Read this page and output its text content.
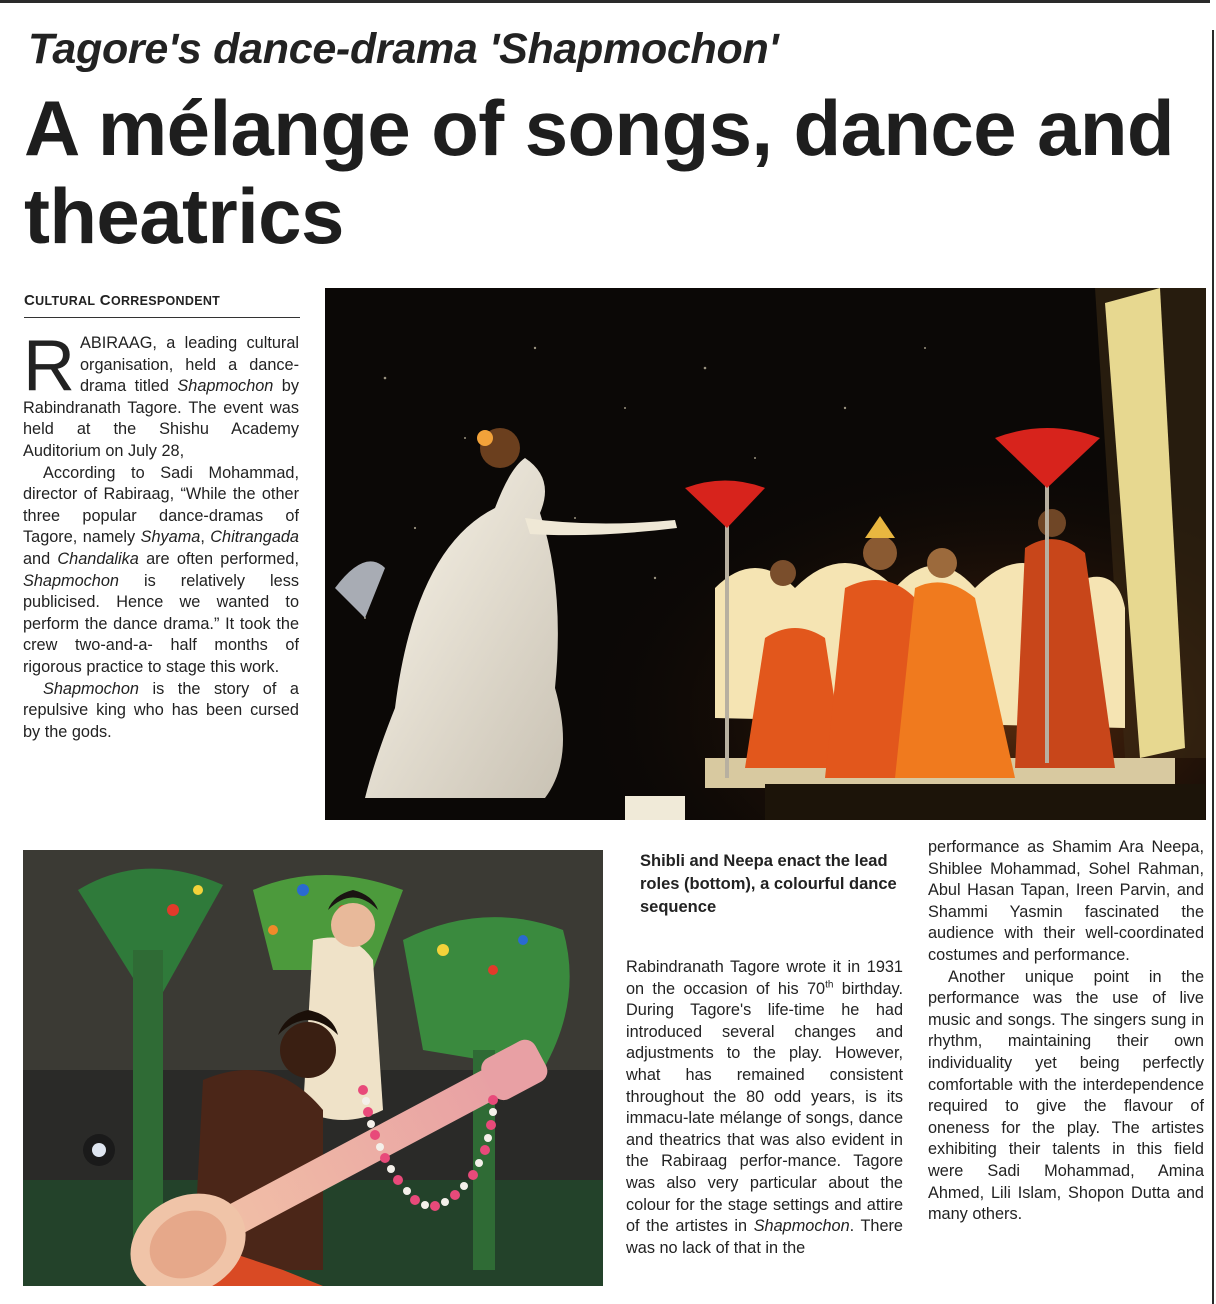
Tagore's dance-drama 'Shapmochon'
A mélange of songs, dance and theatrics
CULTURAL CORRESPONDENT

RABIRAAG, a leading cultural organisation, held a dance-drama titled Shapmochon by Rabindranath Tagore. The event was held at the Shishu Academy Auditorium on July 28,

According to Sadi Mohammad, director of Rabiraag, “While the other three popular dance-dramas of Tagore, namely Shyama, Chitrangada and Chandalika are often performed, Shapmochon is relatively less publicised. Hence we wanted to perform the dance drama.” It took the crew two-and-a- half months of rigorous practice to stage this work.

Shapmochon is the story of a repulsive king who has been cursed by the gods.

Shibli and Neepa enact the lead roles (bottom), a colourful dance sequence

Rabindranath Tagore wrote it in 1931 on the occasion of his 70th birthday. During Tagore's life-time he had introduced several changes and adjustments to the play. However, what has remained consistent throughout the 80 odd years, is its immacu-late mélange of songs, dance and theatrics that was also evident in the Rabiraag perfor-mance. Tagore was also very particular about the colour for the stage settings and attire of the artistes in Shapmochon. There was no lack of that in the

performance as Shamim Ara Neepa, Shiblee Mohammad, Sohel Rahman, Abul Hasan Tapan, Ireen Parvin, and Shammi Yasmin fascinated the audience with their well-coordinated costumes and performance.

Another unique point in the performance was the use of live music and songs. The singers sung in rhythm, maintaining their own individuality yet being perfectly comfortable with the interdependence required to give the flavour of oneness for the play. The artistes exhibiting their talents in this field were Sadi Mohammad, Amina Ahmed, Lili Islam, Shopon Dutta and many others.
